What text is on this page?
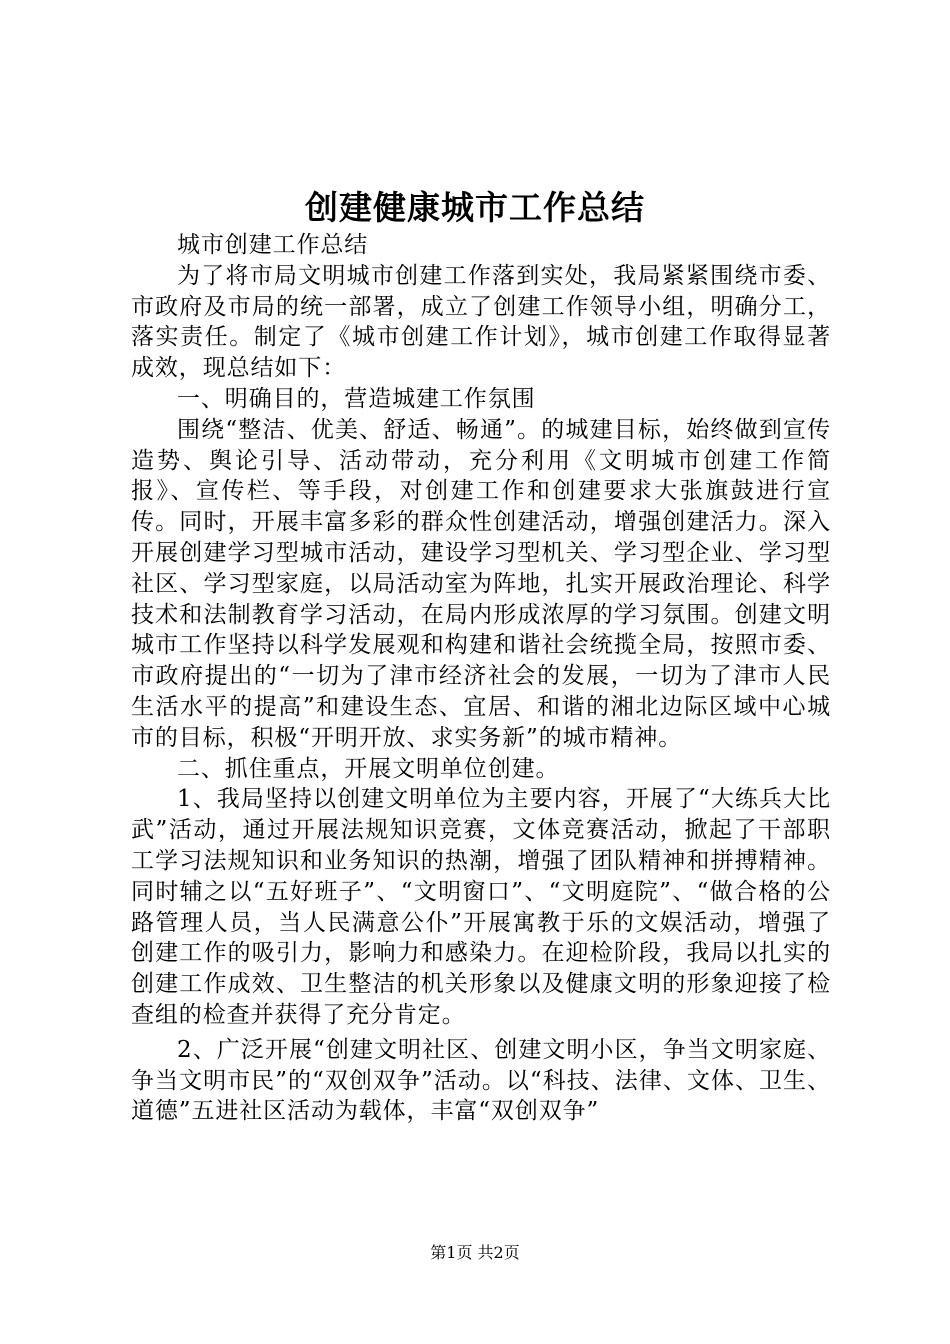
创建健康城市工作总结

城市创建工作总结

为了将市局文明城市创建工作落到实处，我局紧紧围绕市委、市政府及市局的统一部署，成立了创建工作领导小组，明确分工，落实责任。制定了《城市创建工作计划》，城市创建工作取得显著成效，现总结如下：

一、明确目的，营造城建工作氛围

围绕“整洁、优美、舒适、畅通”。的城建目标，始终做到宣传造势、舆论引导、活动带动，充分利用《文明城市创建工作简报》、宣传栏、等手段，对创建工作和创建要求大张旗鼓进行宣传。同时，开展丰富多彩的群众性创建活动，增强创建活力。深入开展创建学习型城市活动，建设学习型机关、学习型企业、学习型社区、学习型家庭，以局活动室为阵地，扎实开展政治理论、科学技术和法制教育学习活动，在局内形成浓厚的学习氛围。创建文明城市工作坚持以科学发展观和构建和谐社会统揽全局，按照市委、市政府提出的“一切为了津市经济社会的发展，一切为了津市人民生活水平的提高”和建设生态、宜居、和谐的湘北边际区域中心城市的目标，积极“开明开放、求实务新”的城市精神。

二、抓住重点，开展文明单位创建。

1、我局坚持以创建文明单位为主要内容，开展了“大练兵大比武”活动，通过开展法规知识竞赛，文体竞赛活动，掀起了干部职工学习法规知识和业务知识的热潮，增强了团队精神和拼搏精神。同时辅之以“五好班子”、“文明窗口”、“文明庭院”、“做合格的公路管理人员，当人民满意公仆”开展寓教于乐的文娱活动，增强了创建工作的吸引力，影响力和感染力。在迎检阶段，我局以扎实的创建工作成效、卫生整洁的机关形象以及健康文明的形象迎接了检查组的检查并获得了充分肯定。

2、广泛开展“创建文明社区、创建文明小区，争当文明家庭、争当文明市民”的“双创双争”活动。以“科技、法律、文体、卫生、道德”五进社区活动为载体，丰富“双创双争”

第1页 共2页
